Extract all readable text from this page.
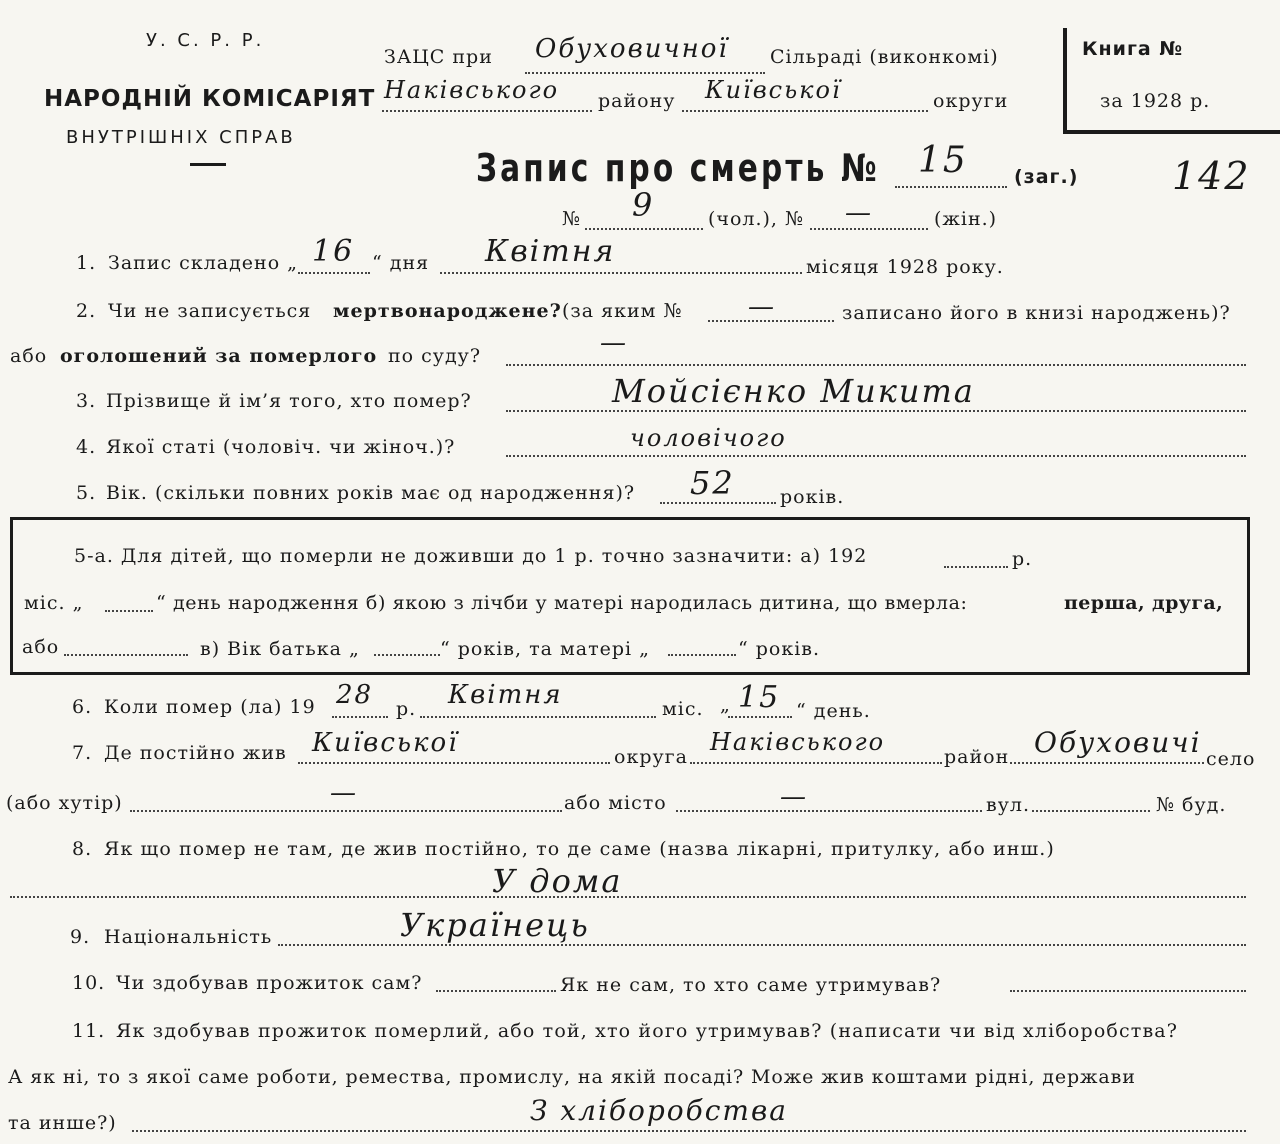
У. С. Р. Р.
НАРОДНІЙ КОМІСАРІЯТ
ВНУТРІШНІХ СПРАВ
ЗАЦС при Обуховичної Сільраді (виконкомі)
Наківського району Київської	округи
Книга №
за 1928 р.
Запис про смерть № 15 (заг.) 142
№ 9	(чол.), № —	(жін.)
1. Запис складено „ 16 “ дня Квітня	місяця 1928 року.
2. Чи не записується мертвонароджене? (за яким №	—	записано його в книзі народжень)?
або оголошений за померлого по суду?	—
3. Прізвище й ім’я того, хто помер?	Мойсієнко Микита
4. Якої статі (чоловіч. чи жіноч.)?	чоловічого
5. Вік. (скільки повних років має од народження)? 52 років.
5-а. Для дітей, що померли не доживши до 1 р. точно зазначити: а) 192	р.
міс. „	“ день народження б) якою з лічби у матері народилась дитина, що вмерла:	перша, друга,
або	в) Вік батька „	“ років, та матері „	“ років.
6. Коли помер (ла) 19 28 р. Квітня	міс. „ 15 “ день.
7. Де постійно жив Київської	округа
Наківського
район Обуховичі село
(або хутір)	—	або місто	—	вул.	№ буд.
8. Як що помер не там, де жив постійно, то де саме (назва лікарні, притулку, або инш.)
У дома
9. Національність	Українець
10. Чи здобував прожиток сам?	Як не сам, то хто саме утримував?
11. Як здобував прожиток померлий, або той, хто його утримував? (написати чи від хліборобства?
А як ні, то з якої саме роботи, ремества, промислу, на якій посаді? Може жив коштами рідні, держави
та инше?)	З хліборобства
